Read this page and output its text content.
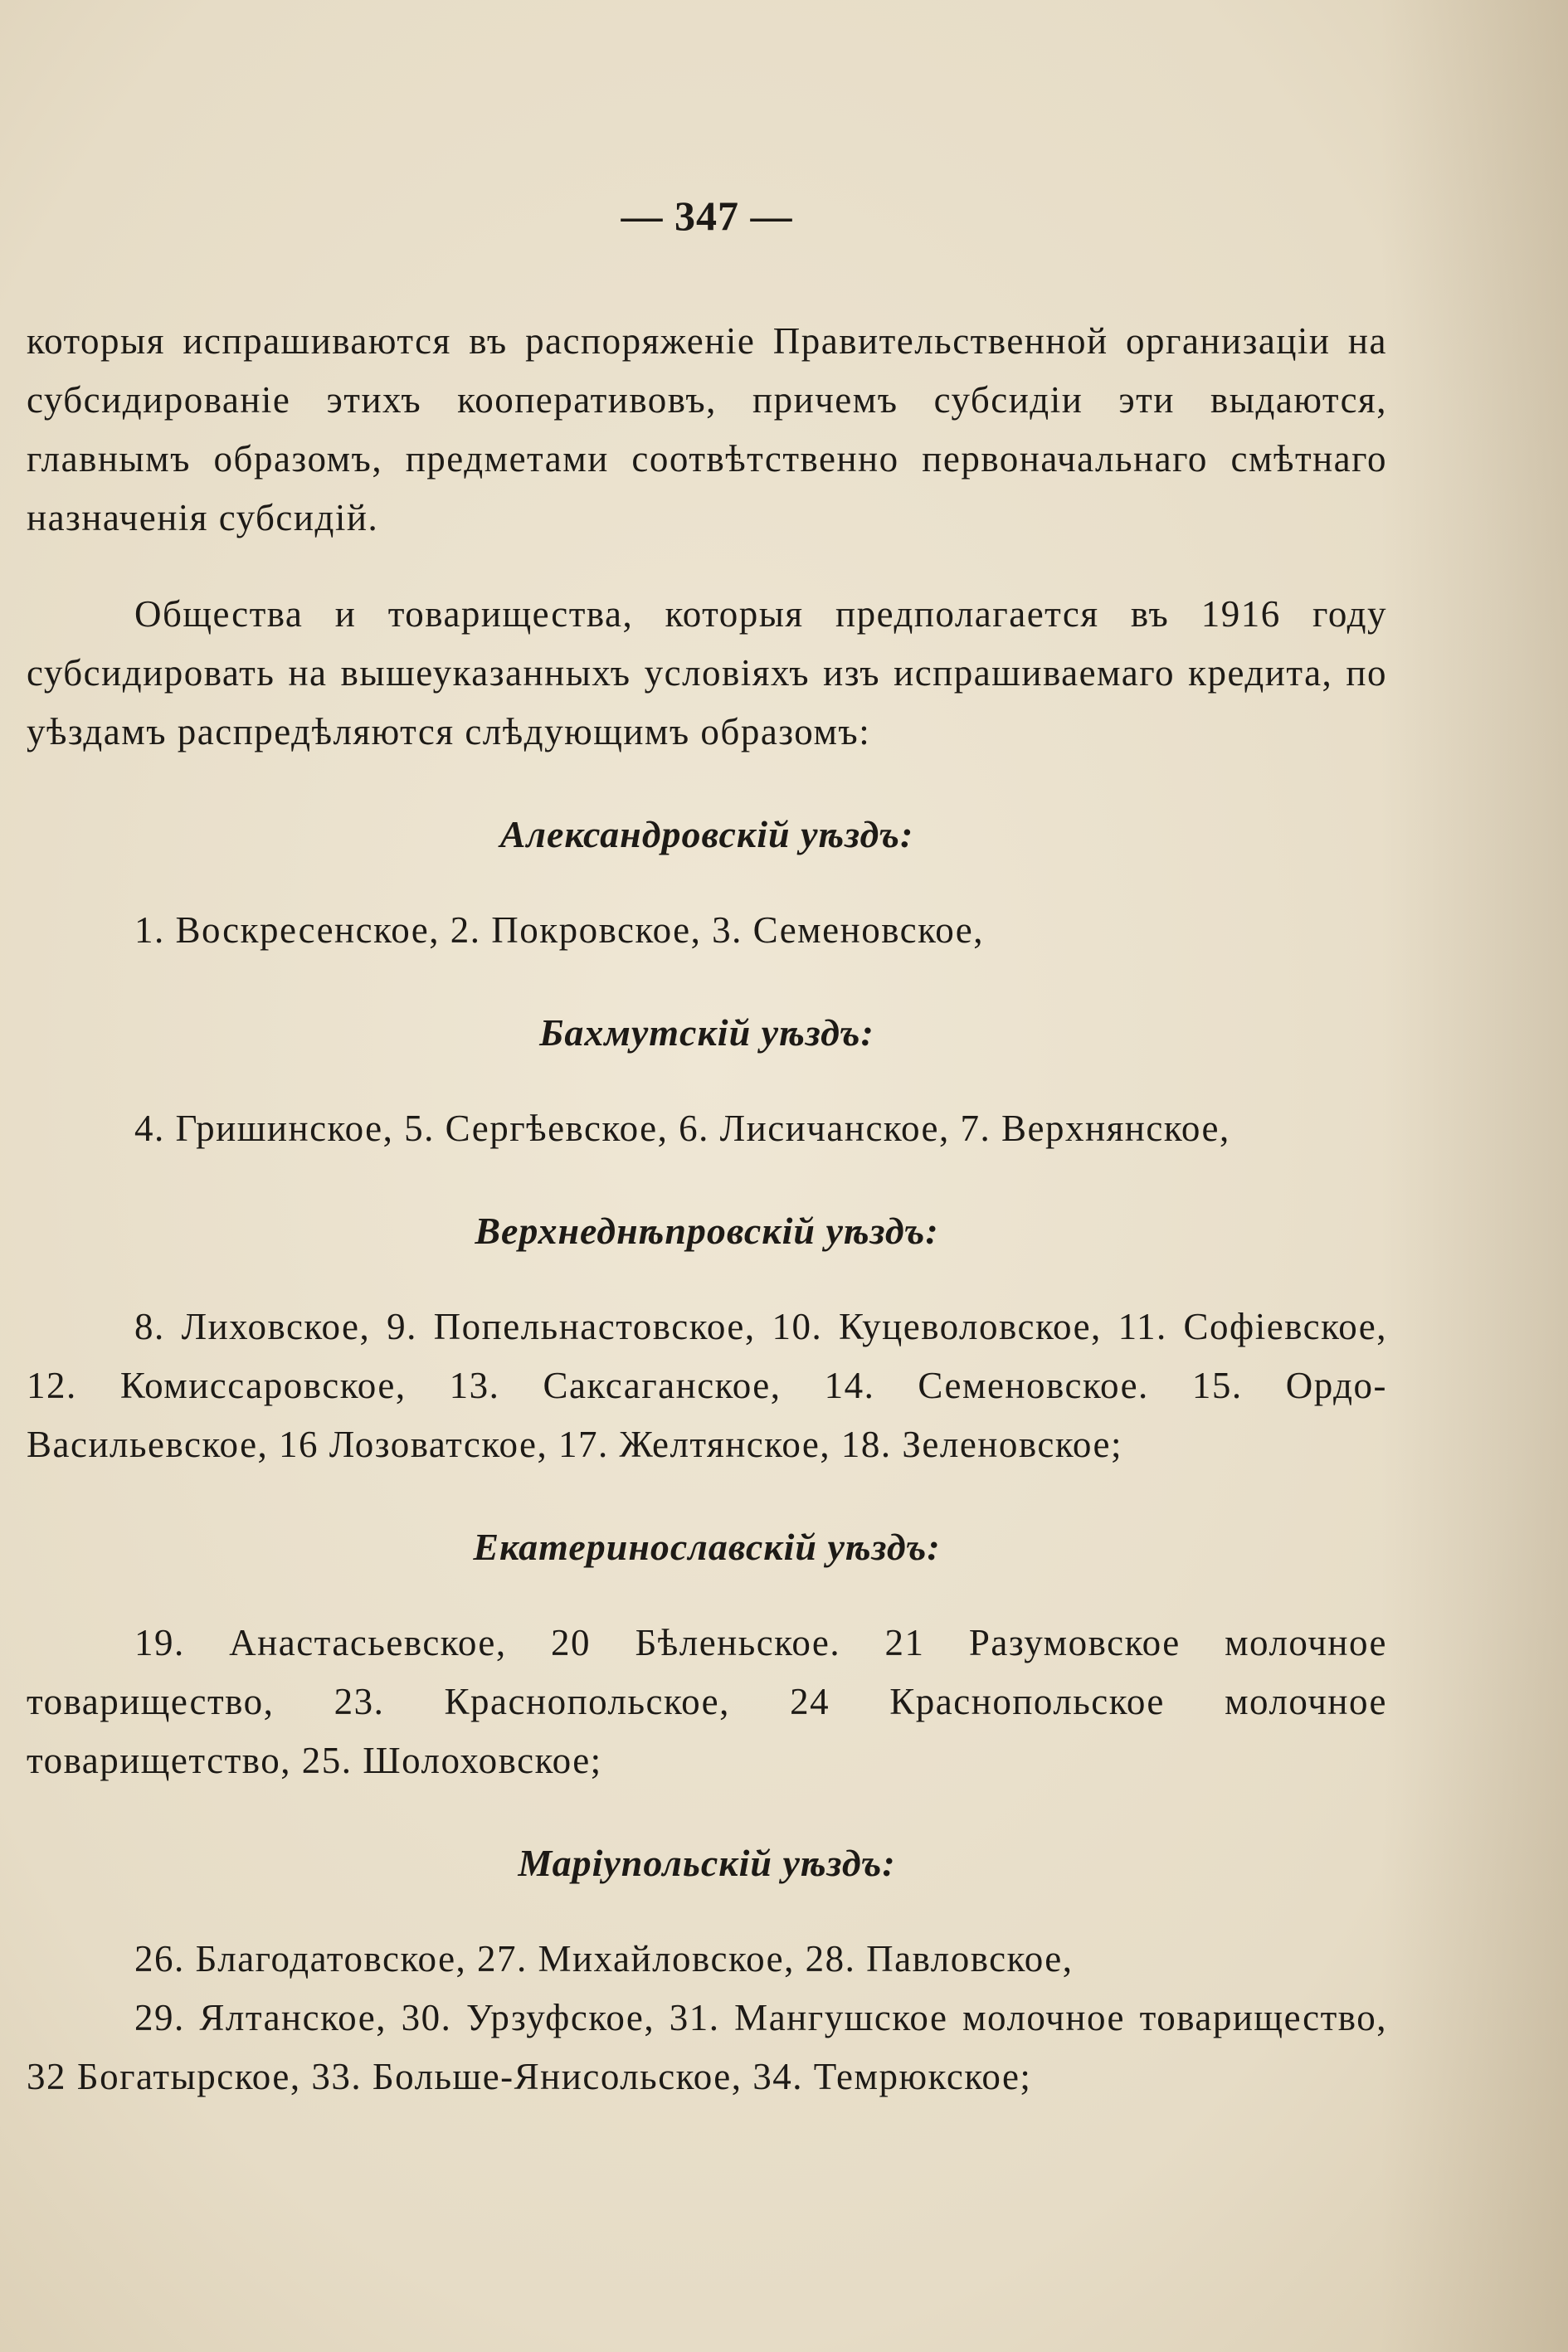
— 347 —

которыя испрашиваются въ распоряженіе Правительственной организаціи на субсидированіе этихъ кооперативовъ, причемъ субсидіи эти выдаются, главнымъ образомъ, предметами соотвѣтственно первоначальнаго смѣтнаго назначенія субсидій.

Общества и товарищества, которыя предполагается въ 1916 году субсидировать на вышеуказанныхъ условіяхъ изъ испрашиваемаго кредита, по уѣздамъ распредѣляются слѣдующимъ образомъ:

Александровскій уѣздъ:

1. Воскресенское, 2. Покровское, 3. Семеновское,

Бахмутскій уѣздъ:

4. Гришинское, 5. Сергѣевское, 6. Лисичанское, 7. Верхнянское,

Верхнеднѣпровскій уѣздъ:

8. Лиховское, 9. Попельнастовское, 10. Куцеволовское, 11. Софіевское, 12. Комиссаровское, 13. Саксаганское, 14. Семеновское. 15. Ордо-Васильевское, 16 Лозоватское, 17. Желтянское, 18. Зеленовское;

Екатеринославскій уѣздъ:

19. Анастасьевское, 20 Бѣленьское. 21 Разумовское молочное товарищество, 23. Краснопольское, 24 Краснопольское молочное товарищетство, 25. Шолоховское;

Маріупольскій уѣздъ:

26. Благодатовское, 27. Михайловское, 28. Павловское,

29. Ялтанское, 30. Урзуфское, 31. Мангушское молочное товарищество, 32 Богатырское, 33. Больше-Янисольское, 34. Темрюкское;
